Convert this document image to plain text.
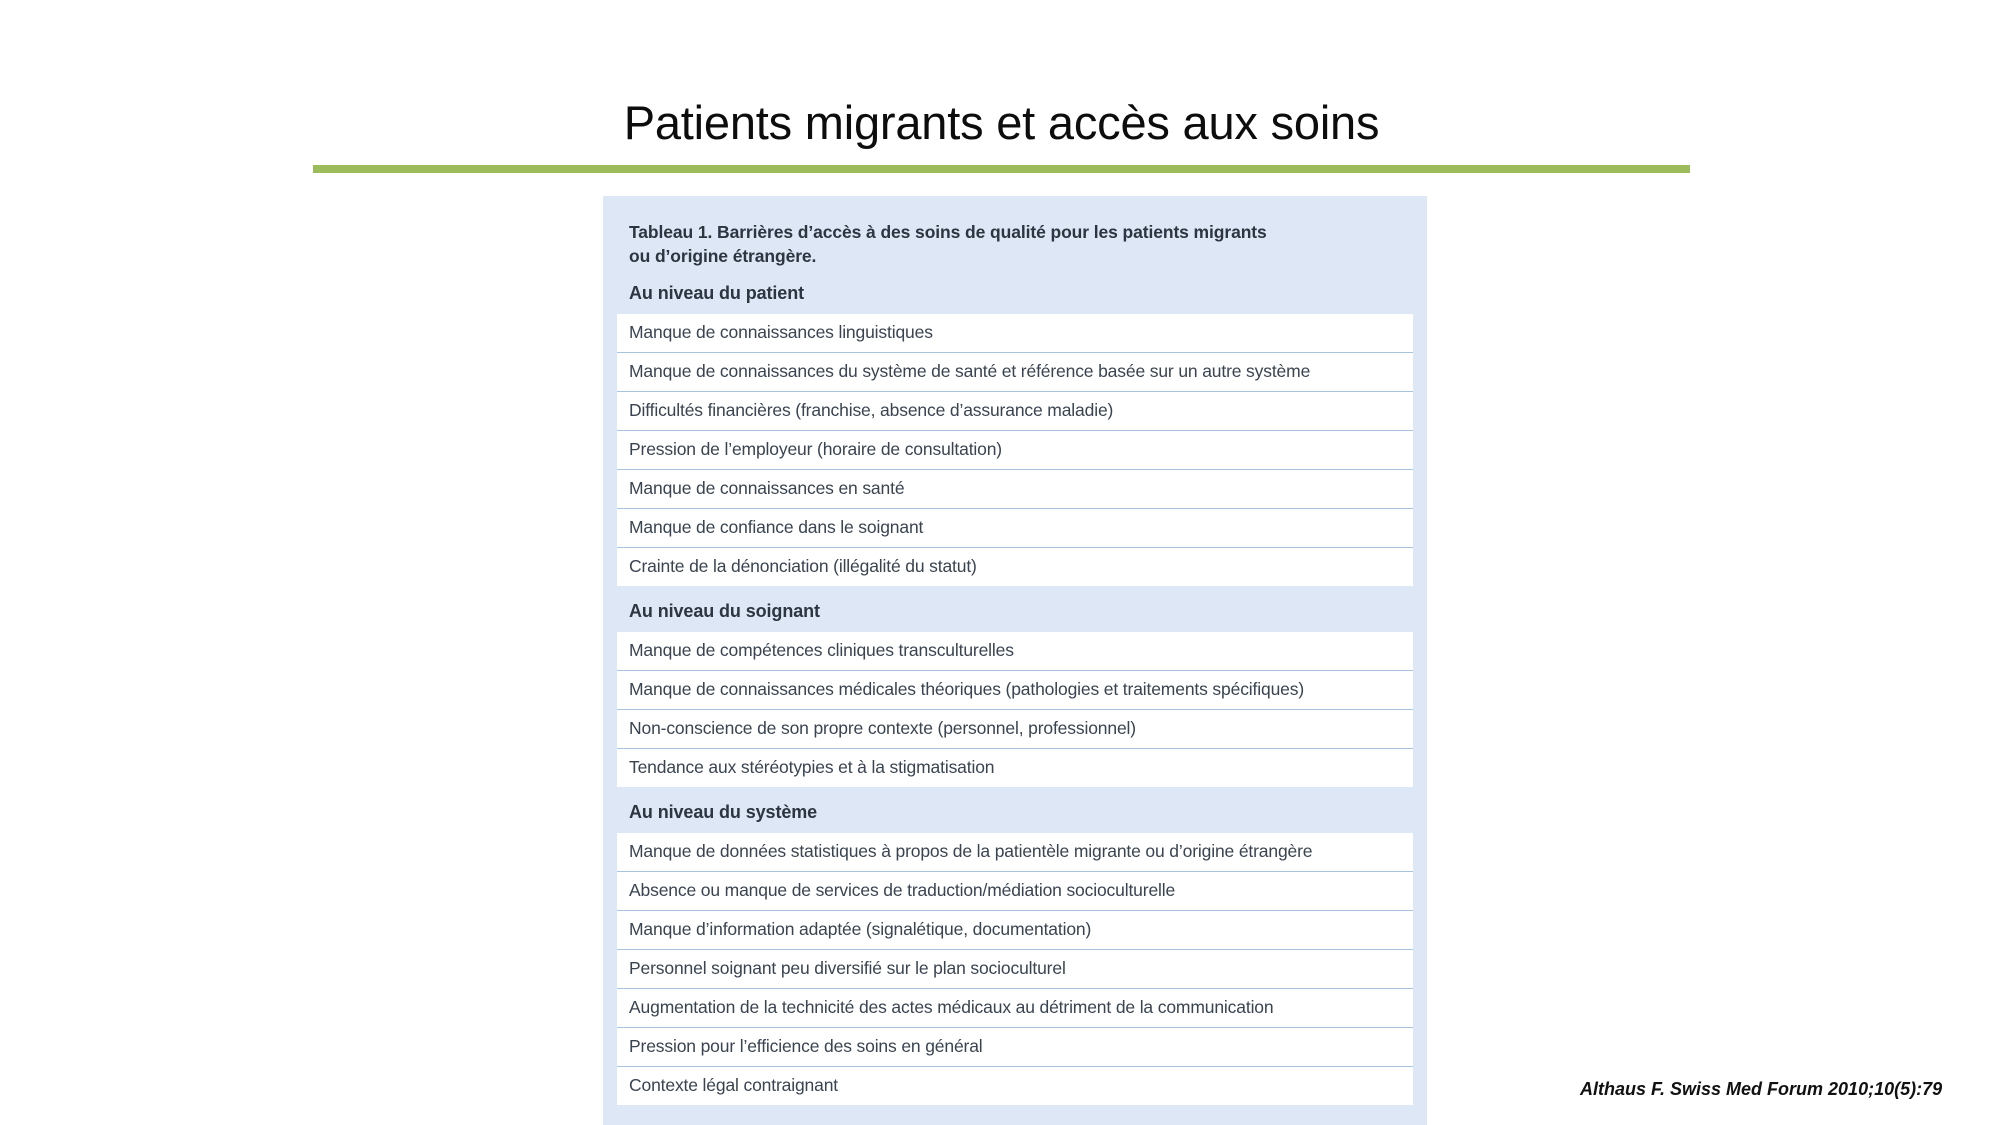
Patients migrants et accès aux soins
Tableau 1. Barrières d’accès à des soins de qualité pour les patients migrants
ou d’origine étrangère.
Au niveau du patient
Manque de connaissances linguistiques
Manque de connaissances du système de santé et référence basée sur un autre système
Difficultés financières (franchise, absence d’assurance maladie)
Pression de l’employeur (horaire de consultation)
Manque de connaissances en santé
Manque de confiance dans le soignant
Crainte de la dénonciation (illégalité du statut)
Au niveau du soignant
Manque de compétences cliniques transculturelles
Manque de connaissances médicales théoriques (pathologies et traitements spécifiques)
Non-conscience de son propre contexte (personnel, professionnel)
Tendance aux stéréotypies et à la stigmatisation
Au niveau du système
Manque de données statistiques à propos de la patientèle migrante ou d’origine étrangère
Absence ou manque de services de traduction/médiation socioculturelle
Manque d’information adaptée (signalétique, documentation)
Personnel soignant peu diversifié sur le plan socioculturel
Augmentation de la technicité des actes médicaux au détriment de la communication
Pression pour l’efficience des soins en général
Contexte légal contraignant	Althaus F. Swiss Med Forum 2010;10(5):79
